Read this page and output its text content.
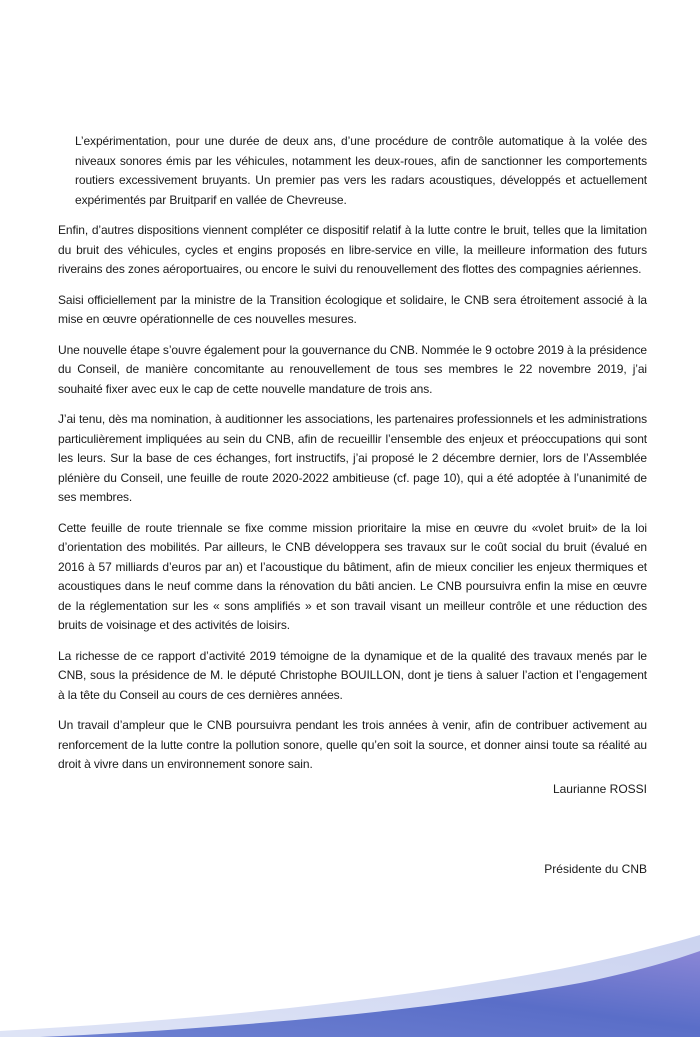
L’expérimentation, pour une durée de deux ans, d’une procédure de contrôle automatique à la volée des niveaux sonores émis par les véhicules, notamment les deux-roues, afin de sanctionner les comportements routiers excessivement bruyants. Un premier pas vers les radars acoustiques, développés et actuellement expérimentés par Bruitparif en vallée de Chevreuse.

Enfin, d’autres dispositions viennent compléter ce dispositif relatif à la lutte contre le bruit, telles que la limitation du bruit des véhicules, cycles et engins proposés en libre-service en ville, la meilleure information des futurs riverains des zones aéroportuaires, ou encore le suivi du renouvellement des flottes des compagnies aériennes.

Saisi officiellement par la ministre de la Transition écologique et solidaire, le CNB sera étroitement associé à la mise en œuvre opérationnelle de ces nouvelles mesures.

Une nouvelle étape s’ouvre également pour la gouvernance du CNB. Nommée le 9 octobre 2019 à la présidence du Conseil, de manière concomitante au renouvellement de tous ses membres le 22 novembre 2019, j’ai souhaité fixer avec eux le cap de cette nouvelle mandature de trois ans.

J’ai tenu, dès ma nomination, à auditionner les associations, les partenaires professionnels et les administrations particulièrement impliquées au sein du CNB, afin de recueillir l’ensemble des enjeux et préoccupations qui sont les leurs. Sur la base de ces échanges, fort instructifs, j’ai proposé le 2 décembre dernier, lors de l’Assemblée plénière du Conseil, une feuille de route 2020-2022 ambitieuse (cf. page 10), qui a été adoptée à l’unanimité de ses membres.

Cette feuille de route triennale se fixe comme mission prioritaire la mise en œuvre du «volet bruit» de la loi d’orientation des mobilités. Par ailleurs, le CNB développera ses travaux sur le coût social du bruit (évalué en 2016 à 57 milliards d’euros par an) et l’acoustique du bâtiment, afin de mieux concilier les enjeux thermiques et acoustiques dans le neuf comme dans la rénovation du bâti ancien. Le CNB poursuivra enfin la mise en œuvre de la réglementation sur les « sons amplifiés » et son travail visant un meilleur contrôle et une réduction des bruits de voisinage et des activités de loisirs.

La richesse de ce rapport d’activité 2019 témoigne de la dynamique et de la qualité des travaux menés par le CNB, sous la présidence de M. le député Christophe BOUILLON, dont je tiens à saluer l’action et l’engagement à la tête du Conseil au cours de ces dernières années.

Un travail d’ampleur que le CNB poursuivra pendant les trois années à venir, afin de contribuer activement au renforcement de la lutte contre la pollution sonore, quelle qu’en soit la source, et donner ainsi toute sa réalité au droit à vivre dans un environnement sonore sain.

Laurianne ROSSI
Présidente du CNB
